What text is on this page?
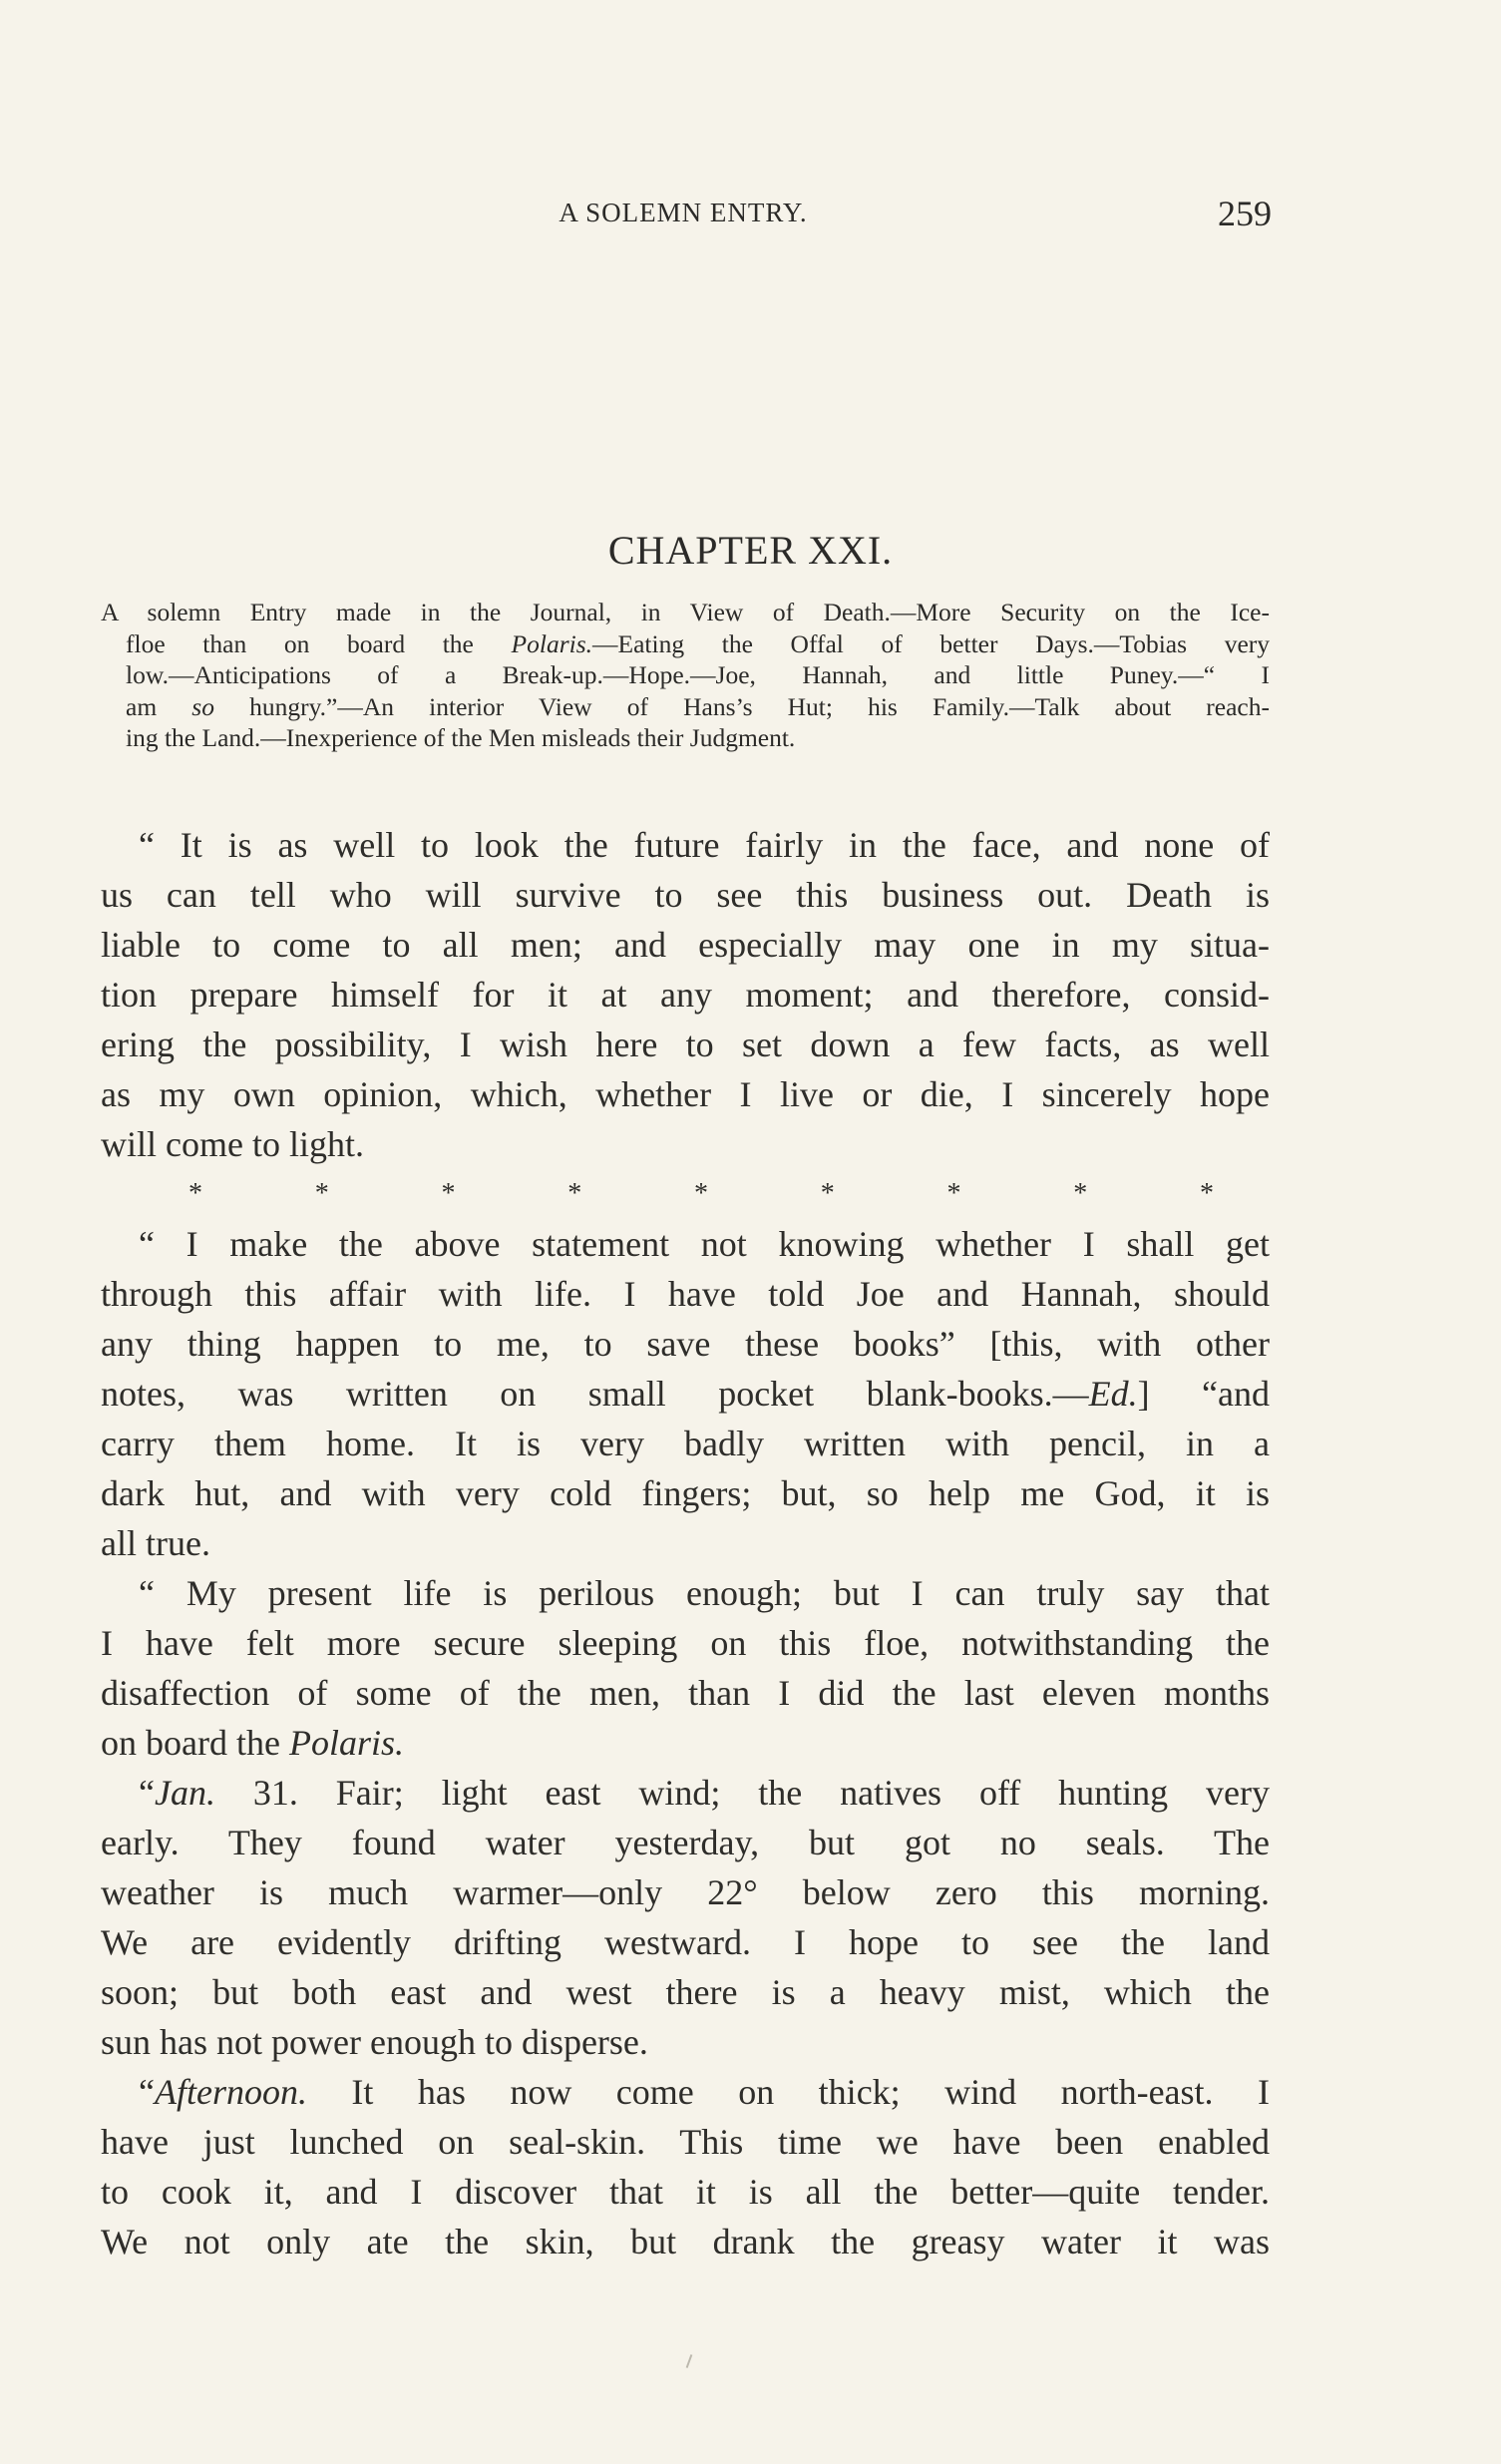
A SOLEMN ENTRY.	259
CHAPTER XXI.
A solemn Entry made in the Journal, in View of Death.—More Security on the Ice-
floe than on board the Polaris.—Eating the Offal of better Days.—Tobias very
low.—Anticipations of a Break-up.—Hope.—Joe, Hannah, and little Puney.—“ I
am so hungry.”—An interior View of Hans’s Hut; his Family.—Talk about reach-
ing the Land.—Inexperience of the Men misleads their Judgment.
“ It is as well to look the future fairly in the face, and none of
us can tell who will survive to see this business out. Death is
liable to come to all men; and especially may one in my situa-
tion prepare himself for it at any moment; and therefore, consid-
ering the possibility, I wish here to set down a few facts, as well
as my own opinion, which, whether I live or die, I sincerely hope
will come to light.
*	*	*	*	*	*	*	*	*
“ I make the above statement not knowing whether I shall get
through this affair with life. I have told Joe and Hannah, should
any thing happen to me, to save these books” [this, with other
notes, was written on small pocket blank-books.—Ed.] “and
carry them home. It is very badly written with pencil, in a
dark hut, and with very cold fingers; but, so help me God, it is
all true.
“ My present life is perilous enough; but I can truly say that
I have felt more secure sleeping on this floe, notwithstanding the
disaffection of some of the men, than I did the last eleven months
on board the Polaris.
“Jan. 31. Fair; light east wind; the natives off hunting very
early. They found water yesterday, but got no seals. The
weather is much warmer—only 22° below zero this morning.
We are evidently drifting westward. I hope to see the land
soon; but both east and west there is a heavy mist, which the
sun has not power enough to disperse.
“Afternoon. It has now come on thick; wind north-east. I
have just lunched on seal-skin. This time we have been enabled
to cook it, and I discover that it is all the better—quite tender.
We not only ate the skin, but drank the greasy water it was
